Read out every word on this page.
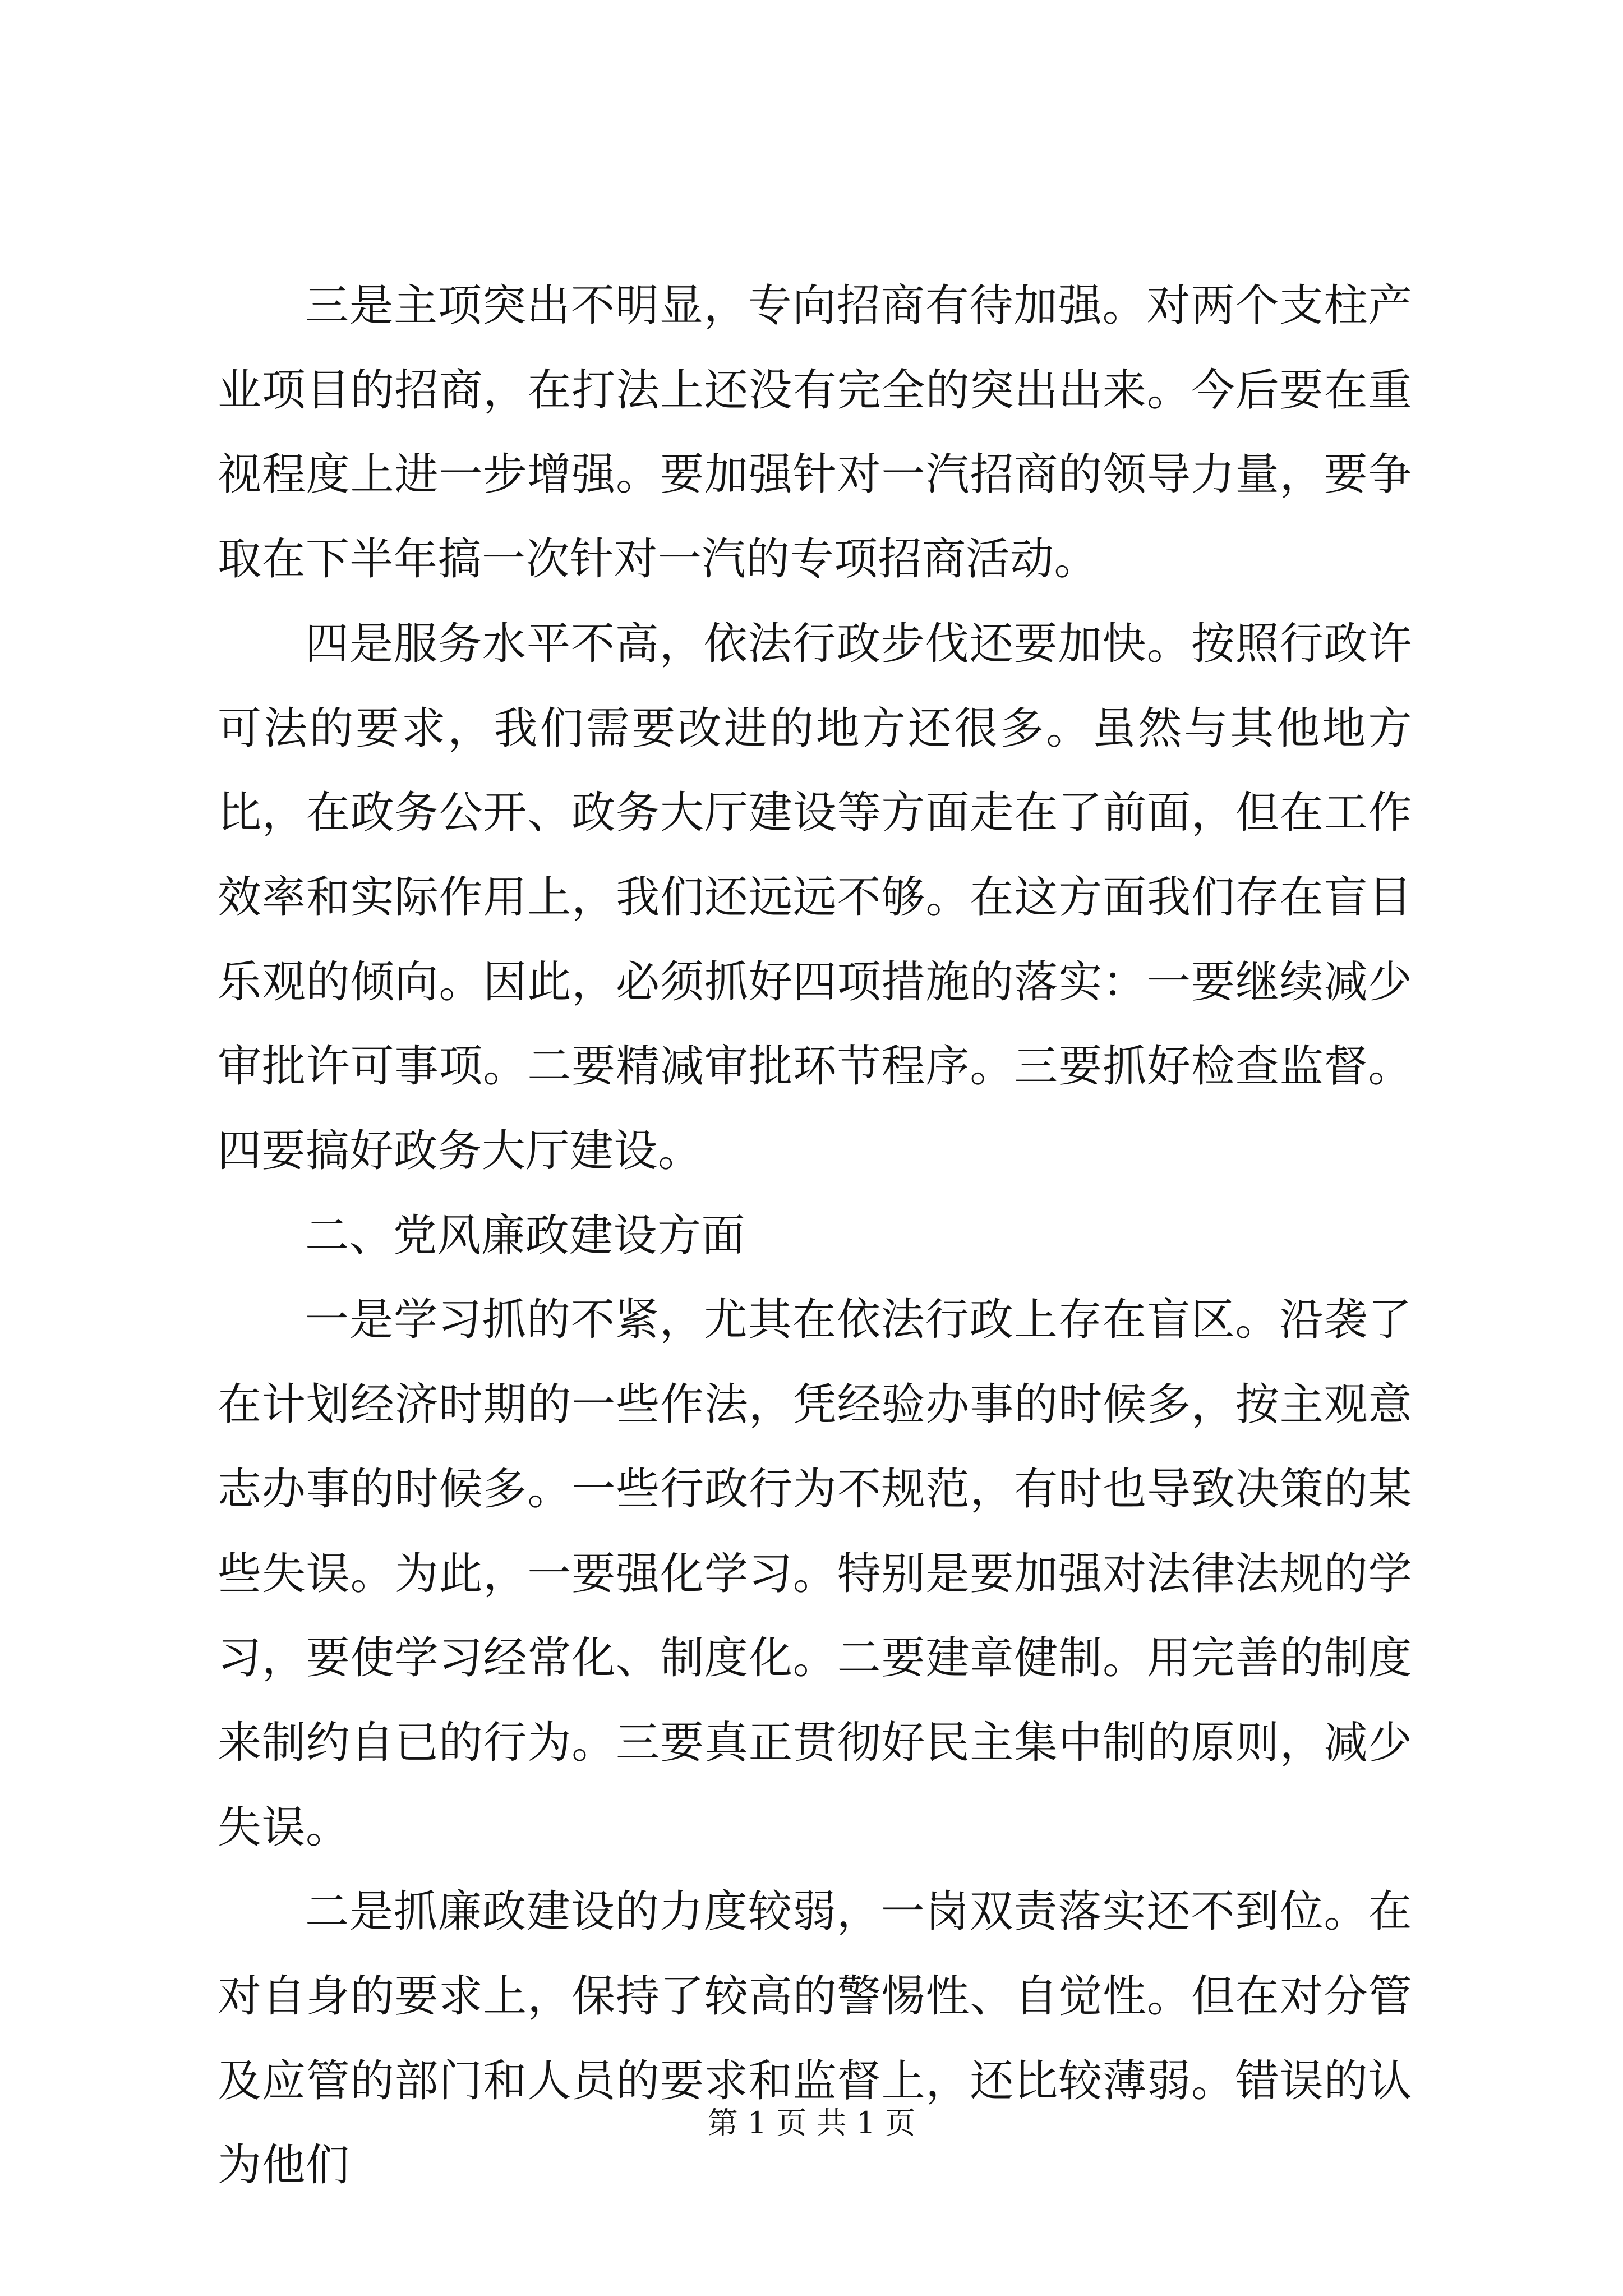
三是主项突出不明显，专向招商有待加强。对两个支柱产业项目的招商，在打法上还没有完全的突出出来。今后要在重视程度上进一步增强。要加强针对一汽招商的领导力量，要争取在下半年搞一次针对一汽的专项招商活动。

四是服务水平不高，依法行政步伐还要加快。按照行政许可法的要求，我们需要改进的地方还很多。虽然与其他地方比，在政务公开、政务大厅建设等方面走在了前面，但在工作效率和实际作用上，我们还远远不够。在这方面我们存在盲目乐观的倾向。因此，必须抓好四项措施的落实：一要继续减少审批许可事项。二要精减审批环节程序。三要抓好检查监督。四要搞好政务大厅建设。

二、党风廉政建设方面

一是学习抓的不紧，尤其在依法行政上存在盲区。沿袭了在计划经济时期的一些作法，凭经验办事的时候多，按主观意志办事的时候多。一些行政行为不规范，有时也导致决策的某些失误。为此，一要强化学习。特别是要加强对法律法规的学习，要使学习经常化、制度化。二要建章健制。用完善的制度来制约自已的行为。三要真正贯彻好民主集中制的原则，减少失误。

二是抓廉政建设的力度较弱，一岗双责落实还不到位。在对自身的要求上，保持了较高的警惕性、自觉性。但在对分管及应管的部门和人员的要求和监督上，还比较薄弱。错误的认为他们

第 1 页 共 1 页
